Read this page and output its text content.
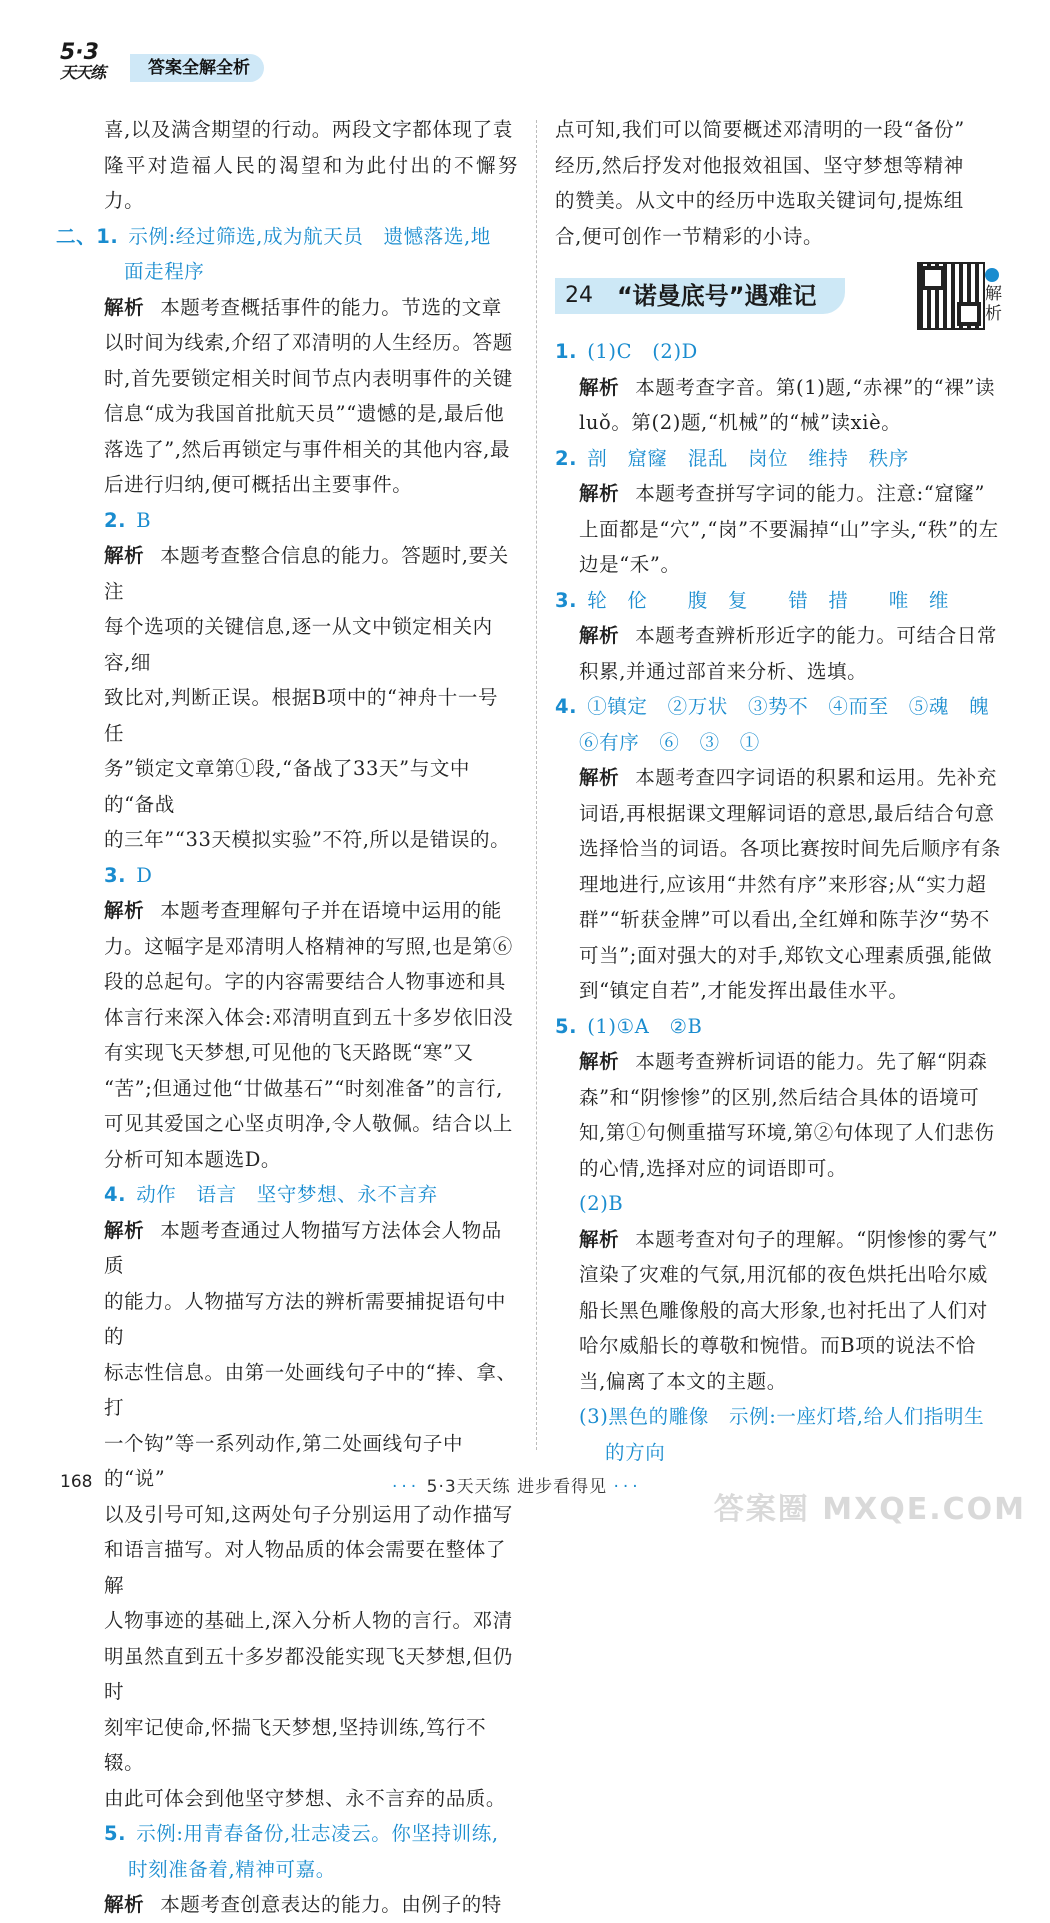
5·3
天天练	答案全解全析

喜,以及满含期望的行动。两段文字都体现了袁

隆平对造福人民的渴望和为此付出的不懈努力。

二、1. 示例:经过筛选,成为航天员　遗憾落选,地

面走程序

解析 本题考查概括事件的能力。节选的文章

以时间为线索,介绍了邓清明的人生经历。答题

时,首先要锁定相关时间节点内表明事件的关键

信息“成为我国首批航天员”“遗憾的是,最后他

落选了”,然后再锁定与事件相关的其他内容,最

后进行归纳,便可概括出主要事件。

2. B

解析 本题考查整合信息的能力。答题时,要关注

每个选项的关键信息,逐一从文中锁定相关内容,细

致比对,判断正误。根据B项中的“神舟十一号任

务”锁定文章第①段,“备战了33天”与文中的“备战

的三年”“33天模拟实验”不符,所以是错误的。

3. D

解析 本题考查理解句子并在语境中运用的能

力。这幅字是邓清明人格精神的写照,也是第⑥

段的总起句。字的内容需要结合人物事迹和具

体言行来深入体会:邓清明直到五十多岁依旧没

有实现飞天梦想,可见他的飞天路既“寒”又

“苦”;但通过他“廿做基石”“时刻准备”的言行,

可见其爱国之心坚贞明净,令人敬佩。结合以上

分析可知本题选D。

4. 动作　语言　坚守梦想、永不言弃

解析 本题考查通过人物描写方法体会人物品质

的能力。人物描写方法的辨析需要捕捉语句中的

标志性信息。由第一处画线句子中的“捧、拿、打

一个钩”等一系列动作,第二处画线句子中的“说”

以及引号可知,这两处句子分别运用了动作描写

和语言描写。对人物品质的体会需要在整体了解

人物事迹的基础上,深入分析人物的言行。邓清

明虽然直到五十多岁都没能实现飞天梦想,但仍时

刻牢记使命,怀揣飞天梦想,坚持训练,笃行不辍。

由此可体会到他坚守梦想、永不言弃的品质。

5. 示例:用青春备份,壮志凌云。你坚持训练,

时刻准备着,精神可嘉。

解析 本题考查创意表达的能力。由例子的特

点可知,我们可以简要概述邓清明的一段“备份”

经历,然后抒发对他报效祖国、坚守梦想等精神

的赞美。从文中的经历中选取关键词句,提炼组

合,便可创作一节精彩的小诗。

24 “诺曼底号”遇难记	解析

1. (1)C　(2)D

解析 本题考查字音。第(1)题,“赤裸”的“裸”读

luǒ。第(2)题,“机械”的“械”读xiè。

2. 剖　窟窿　混乱　岗位　维持　秩序

解析 本题考查拼写字词的能力。注意:“窟窿”

上面都是“穴”,“岗”不要漏掉“山”字头,“秩”的左

边是“禾”。

3. 轮　伦　　腹　复　　错　措　　唯　维

解析 本题考查辨析形近字的能力。可结合日常

积累,并通过部首来分析、选填。

4. ①镇定　②万状　③势不　④而至　⑤魂　魄

⑥有序　⑥　③　①

解析 本题考查四字词语的积累和运用。先补充

词语,再根据课文理解词语的意思,最后结合句意

选择恰当的词语。各项比赛按时间先后顺序有条

理地进行,应该用“井然有序”来形容;从“实力超

群”“斩获金牌”可以看出,全红婵和陈芋汐“势不

可当”;面对强大的对手,郑钦文心理素质强,能做

到“镇定自若”,才能发挥出最佳水平。

5. (1)①A　②B

解析 本题考查辨析词语的能力。先了解“阴森

森”和“阴惨惨”的区别,然后结合具体的语境可

知,第①句侧重描写环境,第②句体现了人们悲伤

的心情,选择对应的词语即可。

(2)B

解析 本题考查对句子的理解。“阴惨惨的雾气”

渲染了灾难的气氛,用沉郁的夜色烘托出哈尔威

船长黑色雕像般的高大形象,也衬托出了人们对

哈尔威船长的尊敬和惋惜。而B项的说法不恰

当,偏离了本文的主题。

(3)黑色的雕像　示例:一座灯塔,给人们指明生

的方向

168	··· 5·3天天练 进步看得见 ···
答案圈 MXQE.COM
